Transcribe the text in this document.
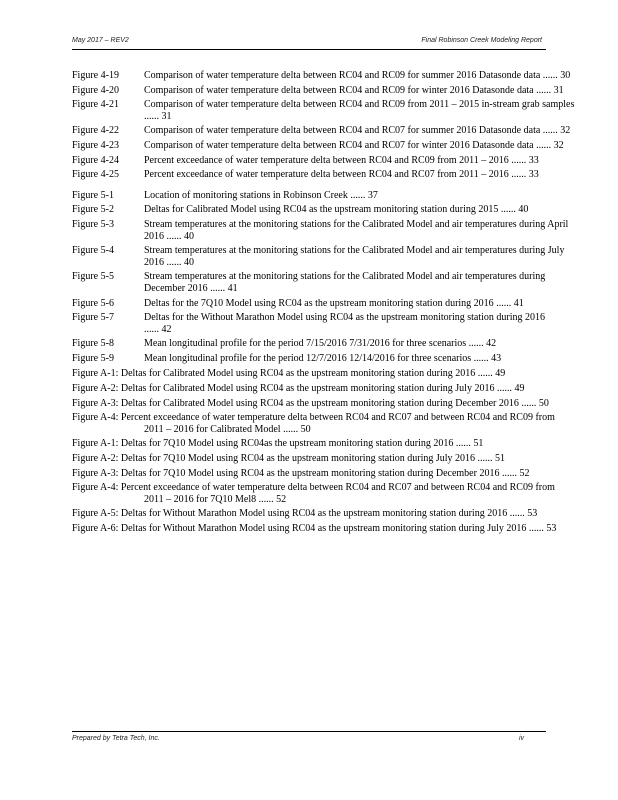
May 2017 – REV2	Final Robinson Creek Modeling Report
Figure 4-19	Comparison of water temperature delta between RC04 and RC09 for summer 2016 Datasonde data ...... 30
Figure 4-20	Comparison of water temperature delta between RC04 and RC09 for winter 2016 Datasonde data ...... 31
Figure 4-21	Comparison of water temperature delta between RC04 and RC09 from 2011 – 2015 in-stream grab samples ...... 31
Figure 4-22	Comparison of water temperature delta between RC04 and RC07 for summer 2016 Datasonde data ...... 32
Figure 4-23	Comparison of water temperature delta between RC04 and RC07 for winter 2016 Datasonde data ...... 32
Figure 4-24	Percent exceedance of water temperature delta between RC04 and RC09 from 2011 – 2016 ...... 33
Figure 4-25	Percent exceedance of water temperature delta between RC04 and RC07 from 2011 – 2016 ...... 33
Figure 5-1	Location of monitoring stations in Robinson Creek ...... 37
Figure 5-2	Deltas for Calibrated Model using RC04 as the upstream monitoring station during 2015 ...... 40
Figure 5-3	Stream temperatures at the monitoring stations for the Calibrated Model and air temperatures during April 2016 ...... 40
Figure 5-4	Stream temperatures at the monitoring stations for the Calibrated Model and air temperatures during July 2016 ...... 40
Figure 5-5	Stream temperatures at the monitoring stations for the Calibrated Model and air temperatures during December 2016 ...... 41
Figure 5-6	Deltas for the 7Q10 Model using RC04 as the upstream monitoring station during 2016 ...... 41
Figure 5-7	Deltas for the Without Marathon Model using RC04 as the upstream monitoring station during 2016 ...... 42
Figure 5-8	Mean longitudinal profile for the period 7/15/2016 7/31/2016 for three scenarios ...... 42
Figure 5-9	Mean longitudinal profile for the period 12/7/2016 12/14/2016 for three scenarios ...... 43
Figure A-1: Deltas for Calibrated Model using RC04 as the upstream monitoring station during 2016 ...... 49
Figure A-2: Deltas for Calibrated Model using RC04 as the upstream monitoring station during July 2016 ...... 49
Figure A-3: Deltas for Calibrated Model using RC04 as the upstream monitoring station during December 2016 ...... 50
Figure A-4: Percent exceedance of water temperature delta between RC04 and RC07 and between RC04 and RC09 from 2011 – 2016 for Calibrated Model ...... 50
Figure A-1: Deltas for 7Q10 Model using RC04as the upstream monitoring station during 2016 ...... 51
Figure A-2: Deltas for 7Q10 Model using RC04 as the upstream monitoring station during July 2016 ...... 51
Figure A-3: Deltas for 7Q10 Model using RC04 as the upstream monitoring station during December 2016 ...... 52
Figure A-4: Percent exceedance of water temperature delta between RC04 and RC07 and between RC04 and RC09 from 2011 – 2016 for 7Q10 Mel8 ...... 52
Figure A-5: Deltas for Without Marathon Model using RC04 as the upstream monitoring station during 2016 ...... 53
Figure A-6: Deltas for Without Marathon Model using RC04 as the upstream monitoring station during July 2016 ...... 53
Prepared by Tetra Tech, Inc.	iv
